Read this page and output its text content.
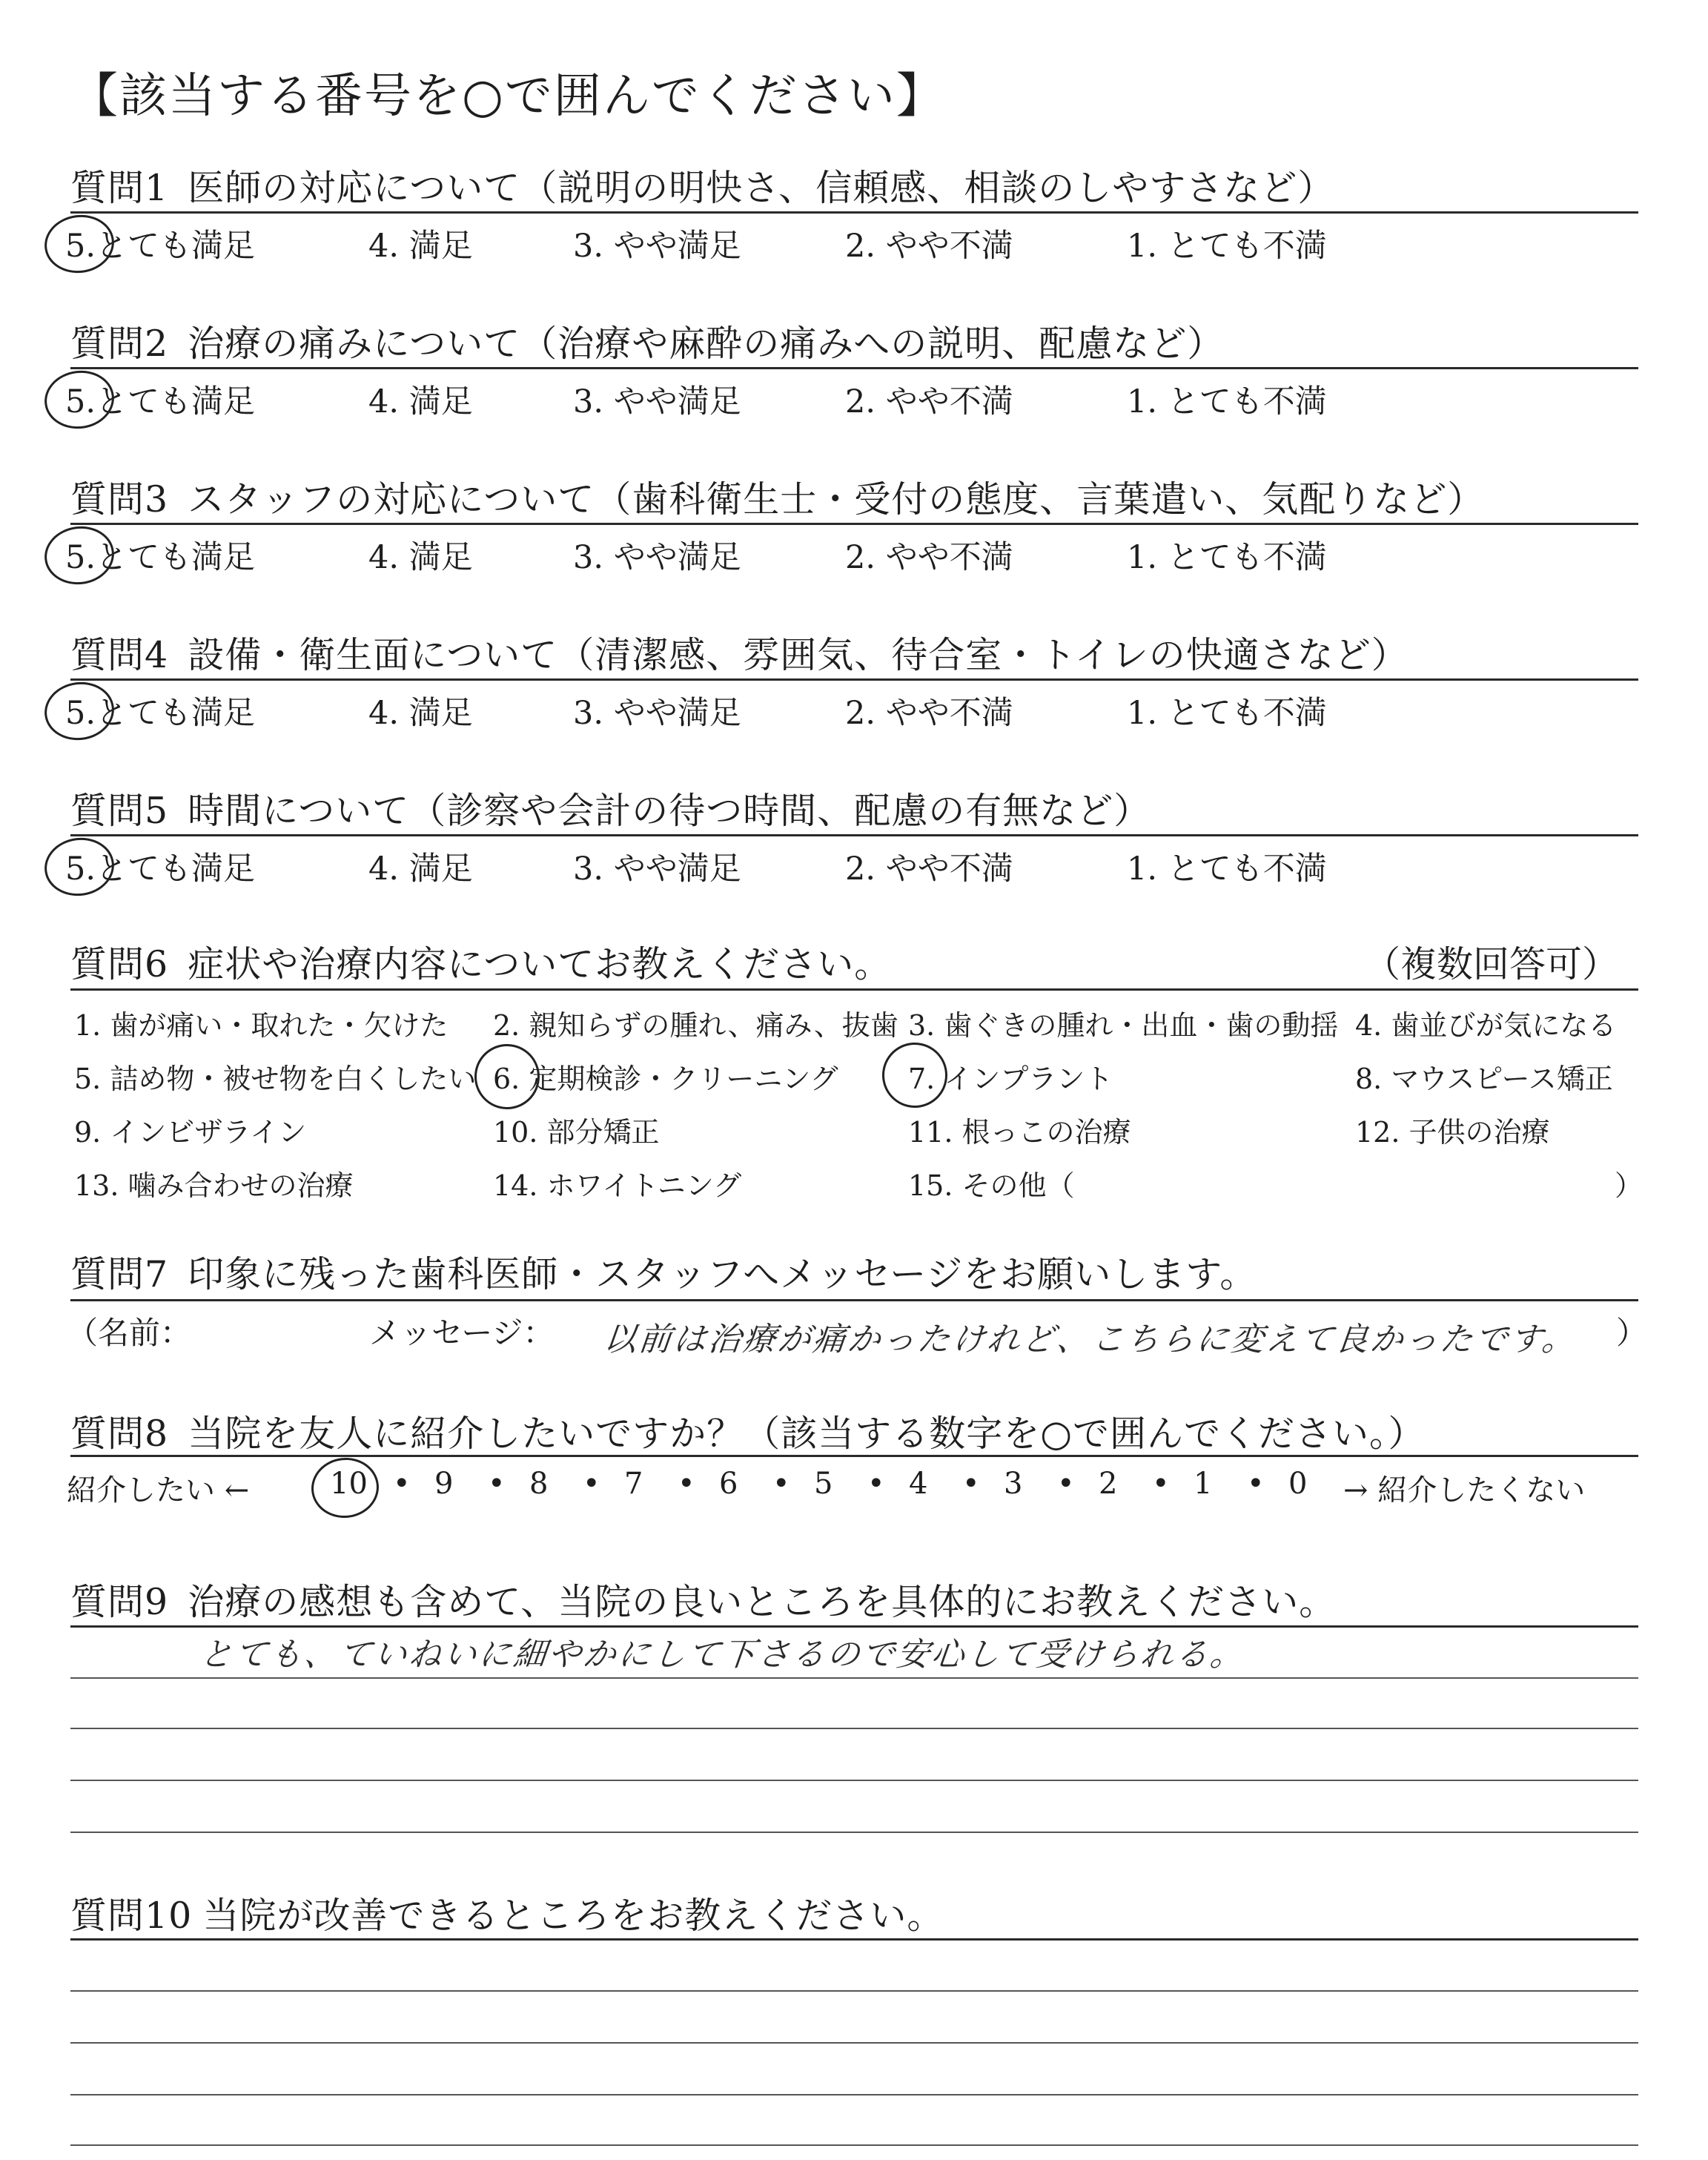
【該当する番号を○で囲んでください】
質問1 医師の対応について（説明の明快さ、信頼感、相談のしやすさなど）
5.とても満足	4. 満足	3. やや満足	2. やや不満	1. とても不満
質問2 治療の痛みについて（治療や麻酔の痛みへの説明、配慮など）
5.とても満足	4. 満足	3. やや満足	2. やや不満	1. とても不満
質問3 スタッフの対応について（歯科衛生士・受付の態度、言葉遣い、気配りなど）
5.とても満足	4. 満足	3. やや満足	2. やや不満	1. とても不満
質問4 設備・衛生面について（清潔感、雰囲気、待合室・トイレの快適さなど）
5.とても満足	4. 満足	3. やや満足	2. やや不満	1. とても不満
質問5 時間について（診察や会計の待つ時間、配慮の有無など）
5.とても満足	4. 満足	3. やや満足	2. やや不満	1. とても不満
質問6 症状や治療内容についてお教えください。	（複数回答可）
1. 歯が痛い・取れた・欠けた 2. 親知らずの腫れ、痛み、抜歯 3. 歯ぐきの腫れ・出血・歯の動揺 4. 歯並びが気になる
5. 詰め物・被せ物を白くしたい 6. 定期検診・クリーニング 7. インプラント	8. マウスピース矯正
9. インビザライン	10. 部分矯正	11. 根っこの治療	12. 子供の治療
13. 噛み合わせの治療	14. ホワイトニング	15. その他（	）
質問7 印象に残った歯科医師・スタッフへメッセージをお願いします。
（名前：	メッセージ： 以前は治療が痛かったけれど、こちらに変えて良かったです。 ）
質問8 当院を友人に紹介したいですか？（該当する数字を○で囲んでください。）
紹介したい ←	→ 紹介したくない
10 • 9 • 8 • 7 • 6 • 5 • 4 • 3 • 2 • 1 • 0
質問9 治療の感想も含めて、当院の良いところを具体的にお教えください。
とても、ていねいに細やかにして下さるので安心して受けられる。
質問10 当院が改善できるところをお教えください。
